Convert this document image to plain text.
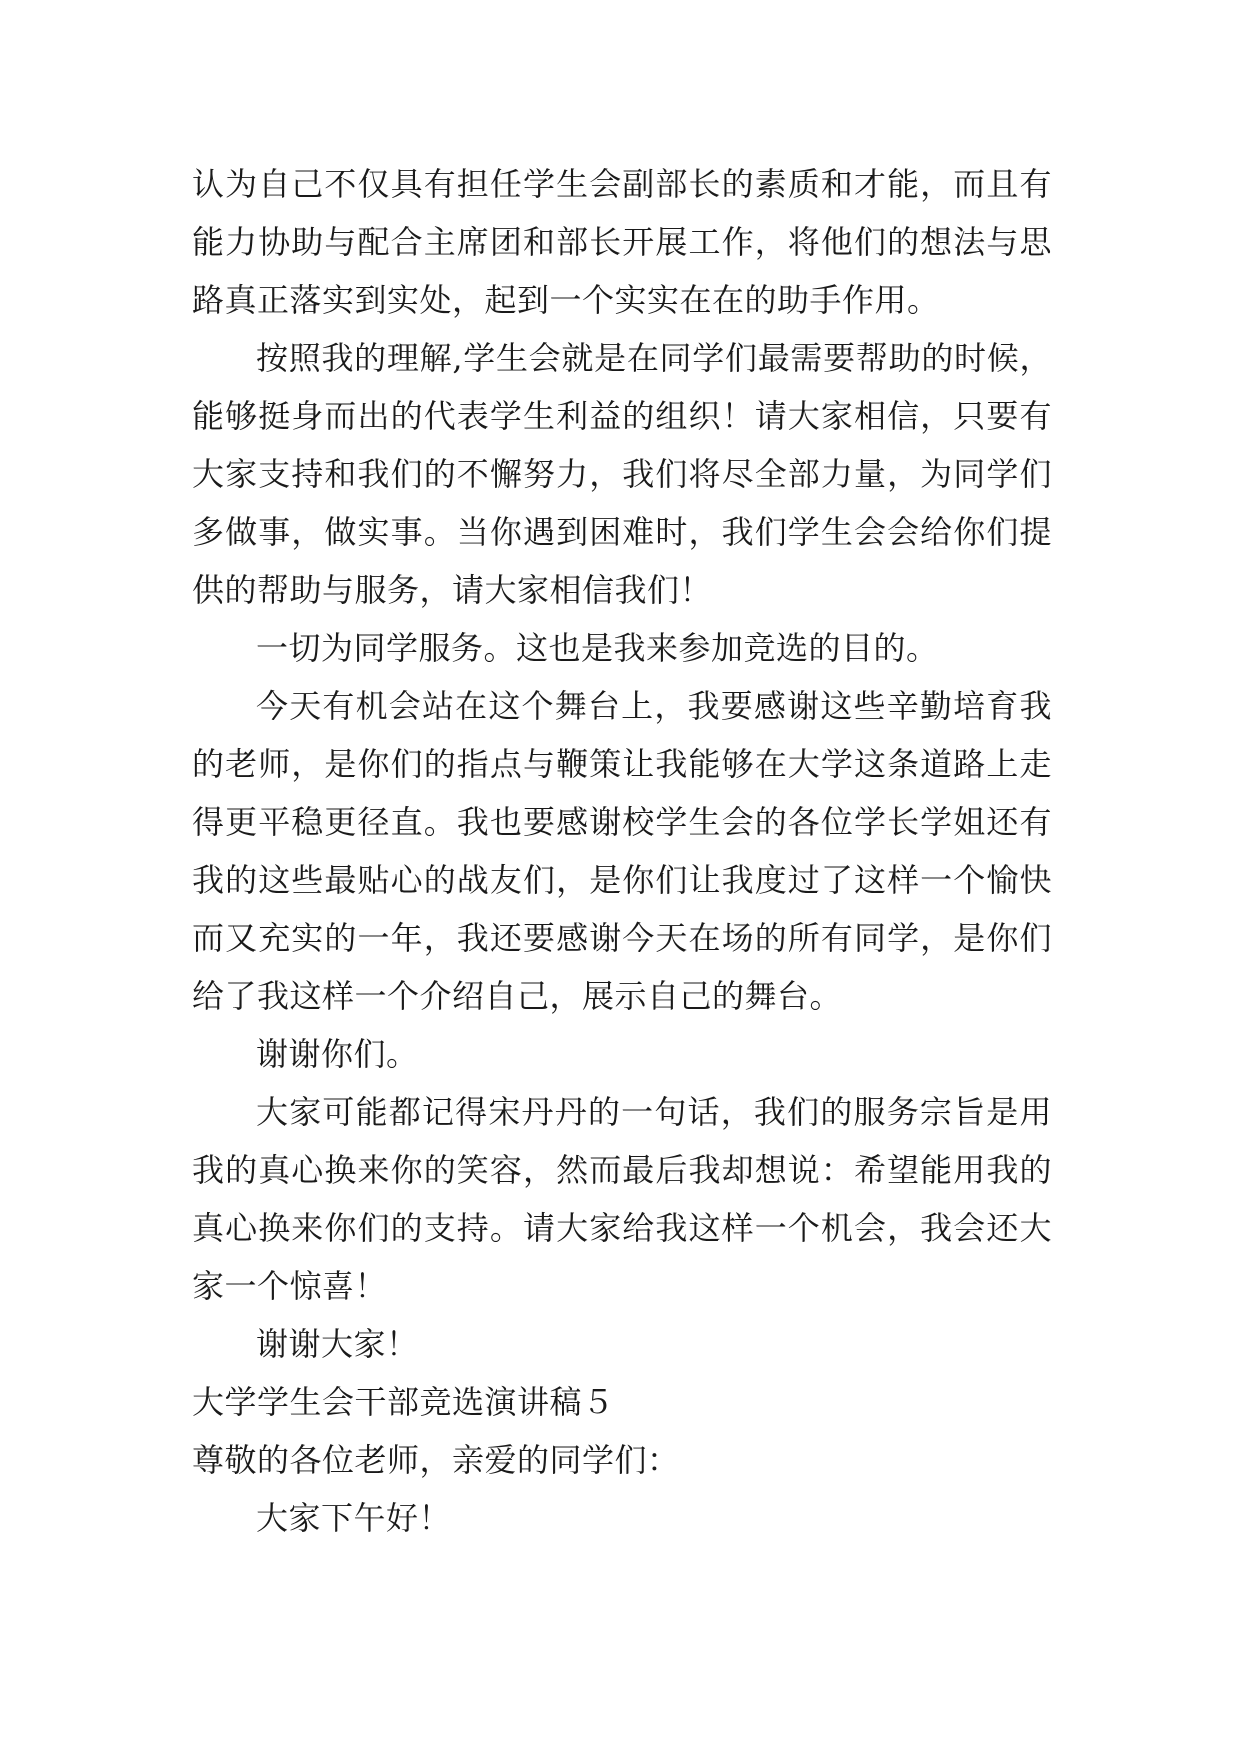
认为自己不仅具有担任学生会副部长的素质和才能，而且有能力协助与配合主席团和部长开展工作，将他们的想法与思路真正落实到实处，起到一个实实在在的助手作用。

按照我的理解,学生会就是在同学们最需要帮助的时候，能够挺身而出的代表学生利益的组织！请大家相信，只要有大家支持和我们的不懈努力，我们将尽全部力量，为同学们多做事，做实事。当你遇到困难时，我们学生会会给你们提供的帮助与服务，请大家相信我们！

一切为同学服务。这也是我来参加竞选的目的。

今天有机会站在这个舞台上，我要感谢这些辛勤培育我的老师，是你们的指点与鞭策让我能够在大学这条道路上走得更平稳更径直。我也要感谢校学生会的各位学长学姐还有我的这些最贴心的战友们，是你们让我度过了这样一个愉快而又充实的一年，我还要感谢今天在场的所有同学，是你们给了我这样一个介绍自己，展示自己的舞台。

谢谢你们。

大家可能都记得宋丹丹的一句话，我们的服务宗旨是用我的真心换来你的笑容，然而最后我却想说：希望能用我的真心换来你们的支持。请大家给我这样一个机会，我会还大家一个惊喜！

谢谢大家！

大学学生会干部竞选演讲稿５

尊敬的各位老师，亲爱的同学们：

大家下午好！
